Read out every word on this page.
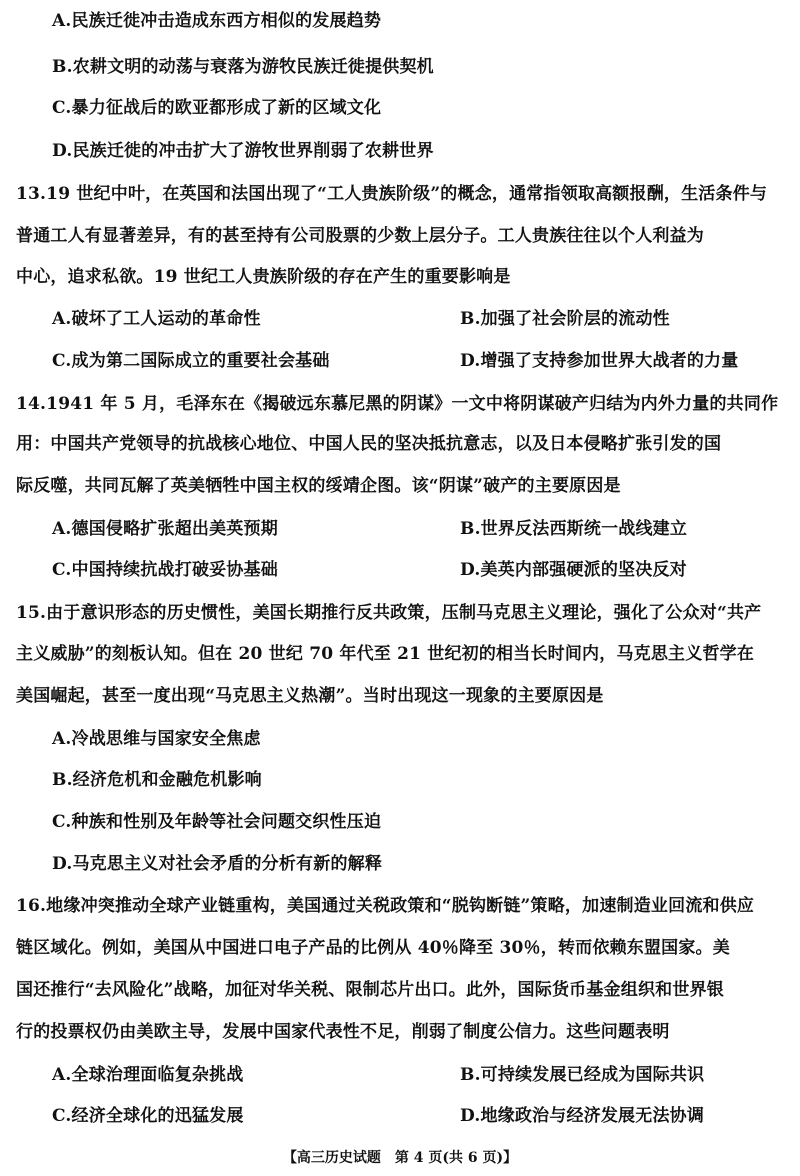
A.民族迁徙冲击造成东西方相似的发展趋势
B.农耕文明的动荡与衰落为游牧民族迁徙提供契机
C.暴力征战后的欧亚都形成了新的区域文化
D.民族迁徙的冲击扩大了游牧世界削弱了农耕世界
13.19 世纪中叶，在英国和法国出现了“工人贵族阶级”的概念，通常指领取高额报酬，生活条件与
普通工人有显著差异，有的甚至持有公司股票的少数上层分子。工人贵族往往以个人利益为
中心，追求私欲。19 世纪工人贵族阶级的存在产生的重要影响是
A.破坏了工人运动的革命性	B.加强了社会阶层的流动性
C.成为第二国际成立的重要社会基础	D.增强了支持参加世界大战者的力量
14.1941 年 5 月，毛泽东在《揭破远东慕尼黑的阴谋》一文中将阴谋破产归结为内外力量的共同作
用：中国共产党领导的抗战核心地位、中国人民的坚决抵抗意志，以及日本侵略扩张引发的国
际反噬，共同瓦解了英美牺牲中国主权的绥靖企图。该“阴谋”破产的主要原因是
A.德国侵略扩张超出美英预期	B.世界反法西斯统一战线建立
C.中国持续抗战打破妥协基础	D.美英内部强硬派的坚决反对
15.由于意识形态的历史惯性，美国长期推行反共政策，压制马克思主义理论，强化了公众对“共产
主义威胁”的刻板认知。但在 20 世纪 70 年代至 21 世纪初的相当长时间内，马克思主义哲学在
美国崛起，甚至一度出现“马克思主义热潮”。当时出现这一现象的主要原因是
A.冷战思维与国家安全焦虑
B.经济危机和金融危机影响
C.种族和性别及年龄等社会问题交织性压迫
D.马克思主义对社会矛盾的分析有新的解释
16.地缘冲突推动全球产业链重构，美国通过关税政策和“脱钩断链”策略，加速制造业回流和供应
链区域化。例如，美国从中国进口电子产品的比例从 40％降至 30％，转而依赖东盟国家。美
国还推行“去风险化”战略，加征对华关税、限制芯片出口。此外，国际货币基金组织和世界银
行的投票权仍由美欧主导，发展中国家代表性不足，削弱了制度公信力。这些问题表明
A.全球治理面临复杂挑战	B.可持续发展已经成为国际共识
C.经济全球化的迅猛发展	D.地缘政治与经济发展无法协调
【高三历史试题　第 4 页(共 6 页)】
